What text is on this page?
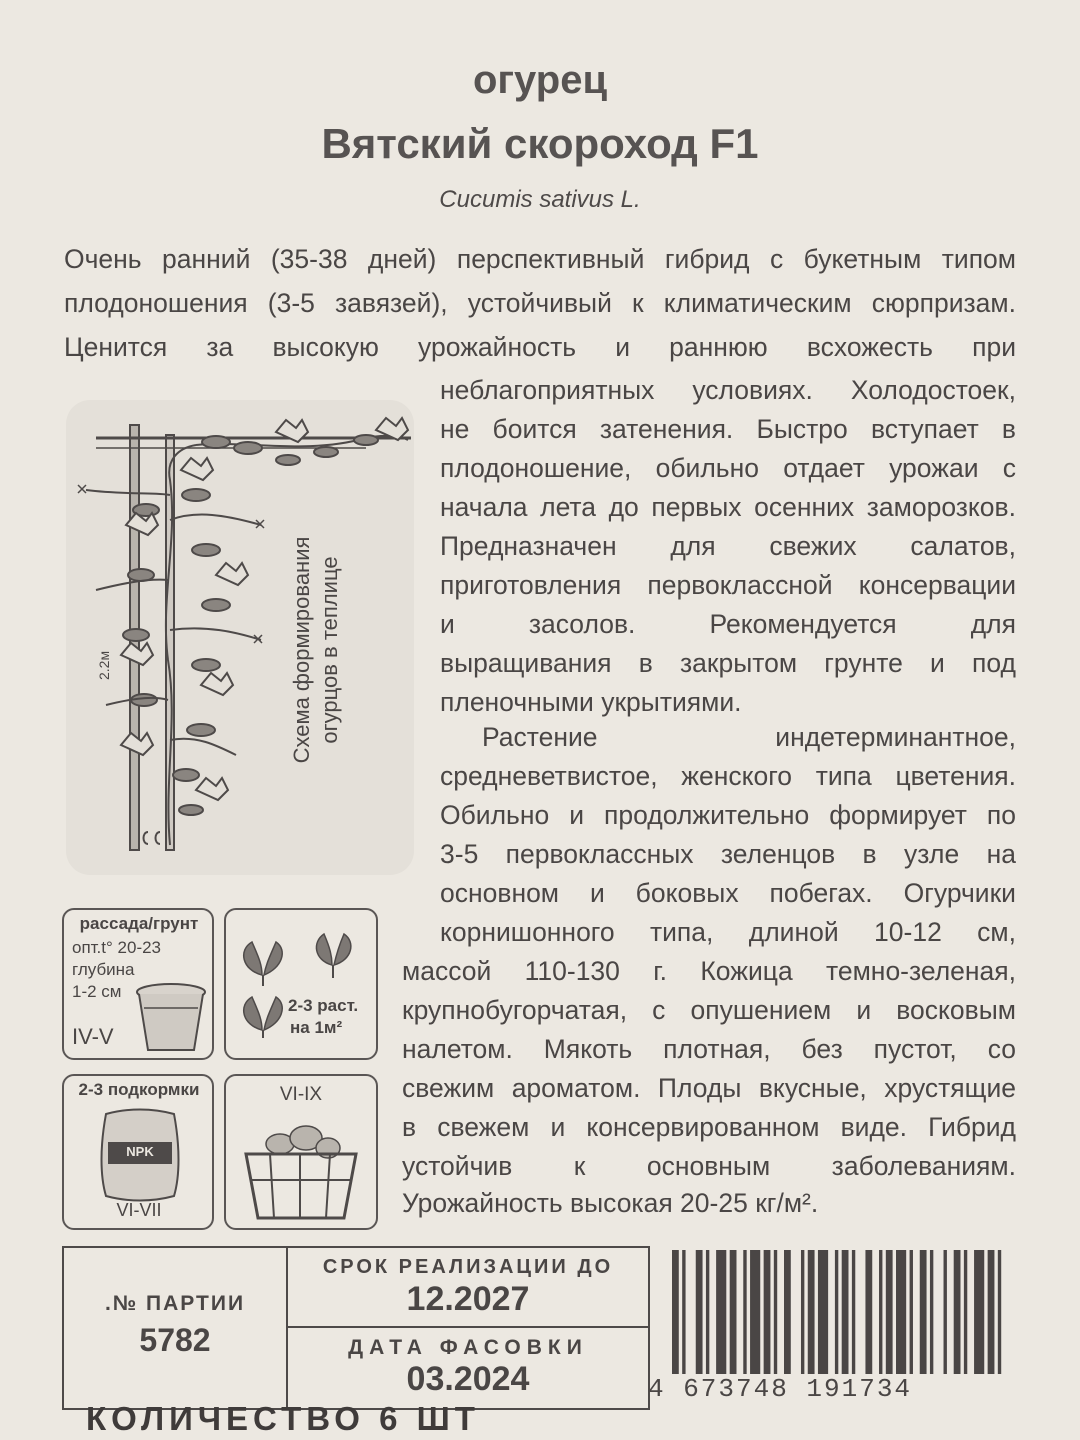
огурец
Вятский скороход F1
Cucumis sativus L.
Очень ранний (35-38 дней) перспективный гибрид с букетным типом
плодоношения (3-5 завязей), устойчивый к климатическим сюрпризам.
Ценится за высокую урожайность и раннюю всхожесть при
неблагоприятных условиях. Холодостоек,
не боится затенения. Быстро вступает в
плодоношение, обильно отдает урожаи с
начала лета до первых осенних заморозков.
Предназначен для свежих салатов,
приготовления первоклассной консервации
и засолов. Рекомендуется для
выращивания в закрытом грунте и под
пленочными укрытиями.
Растение индетерминантное,
средневетвистое, женского типа цветения.
Обильно и продолжительно формирует по
3-5 первоклассных зеленцов в узле на
основном и боковых побегах. Огурчики
корнишонного типа, длиной 10-12 см,
массой 110-130 г. Кожица темно-зеленая,
крупнобугорчатая, с опушением и восковым
налетом. Мякоть плотная, без пустот, со
свежим ароматом. Плоды вкусные, хрустящие
в свежем и консервированном виде. Гибрид
устойчив к основным заболеваниям.
Урожайность высокая 20-25 кг/м².
2.2м	Схема формирования огурцов в теплице
рассада/грунт
опт.t° 20-23
глубина
1-2 см
IV-V
2-3 раст.
на 1м²
2-3 подкормки
NPK
VI-VII
VI-IX
.№ ПАРТИИ
5782
СРОК РЕАЛИЗАЦИИ ДО
12.2027
ДАТА ФАСОВКИ
03.2024	4 673748 191734
КОЛИЧЕСТВО 6 ШТ
